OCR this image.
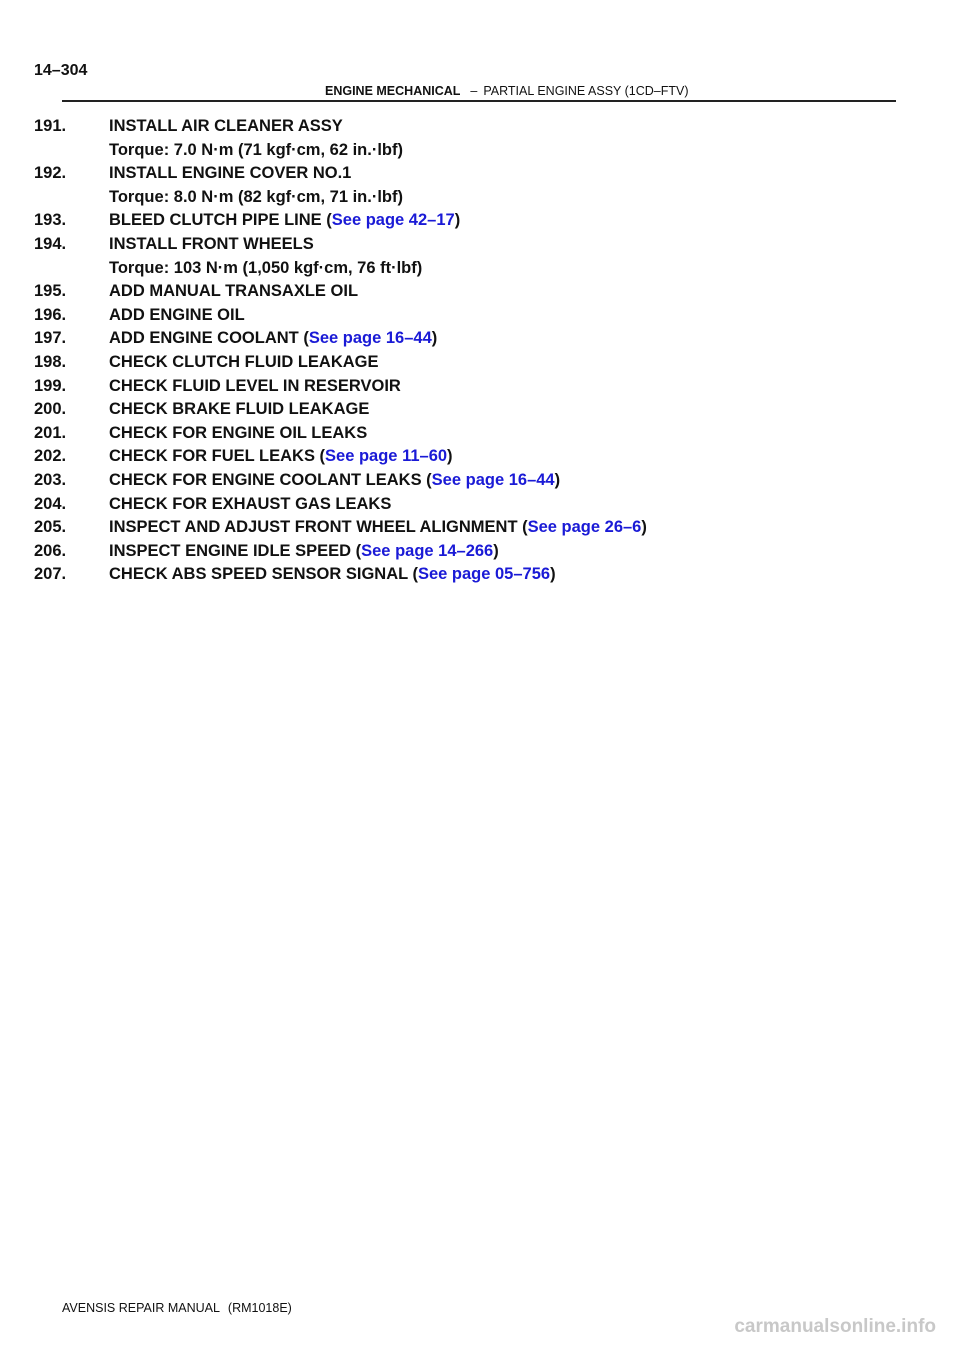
14–304
ENGINE MECHANICAL – PARTIAL ENGINE ASSY (1CD–FTV)
191.	INSTALL AIR CLEANER ASSY
Torque: 7.0 N·m (71 kgf·cm, 62 in.·lbf)
192.	INSTALL ENGINE COVER NO.1
Torque: 8.0 N·m (82 kgf·cm, 71 in.·lbf)
193.	BLEED CLUTCH PIPE LINE (See page 42–17)
194.	INSTALL FRONT WHEELS
Torque: 103 N·m (1,050 kgf·cm, 76 ft·lbf)
195.	ADD MANUAL TRANSAXLE OIL
196.	ADD ENGINE OIL
197.	ADD ENGINE COOLANT (See page 16–44)
198.	CHECK CLUTCH FLUID LEAKAGE
199.	CHECK FLUID LEVEL IN RESERVOIR
200.	CHECK BRAKE FLUID LEAKAGE
201.	CHECK FOR ENGINE OIL LEAKS
202.	CHECK FOR FUEL LEAKS (See page 11–60)
203.	CHECK FOR ENGINE COOLANT LEAKS (See page 16–44)
204.	CHECK FOR EXHAUST GAS LEAKS
205.	INSPECT AND ADJUST FRONT WHEEL ALIGNMENT (See page 26–6)
206.	INSPECT ENGINE IDLE SPEED (See page 14–266)
207.	CHECK ABS SPEED SENSOR SIGNAL (See page 05–756)
AVENSIS REPAIR MANUAL (RM1018E)
carmanualsonline.info
